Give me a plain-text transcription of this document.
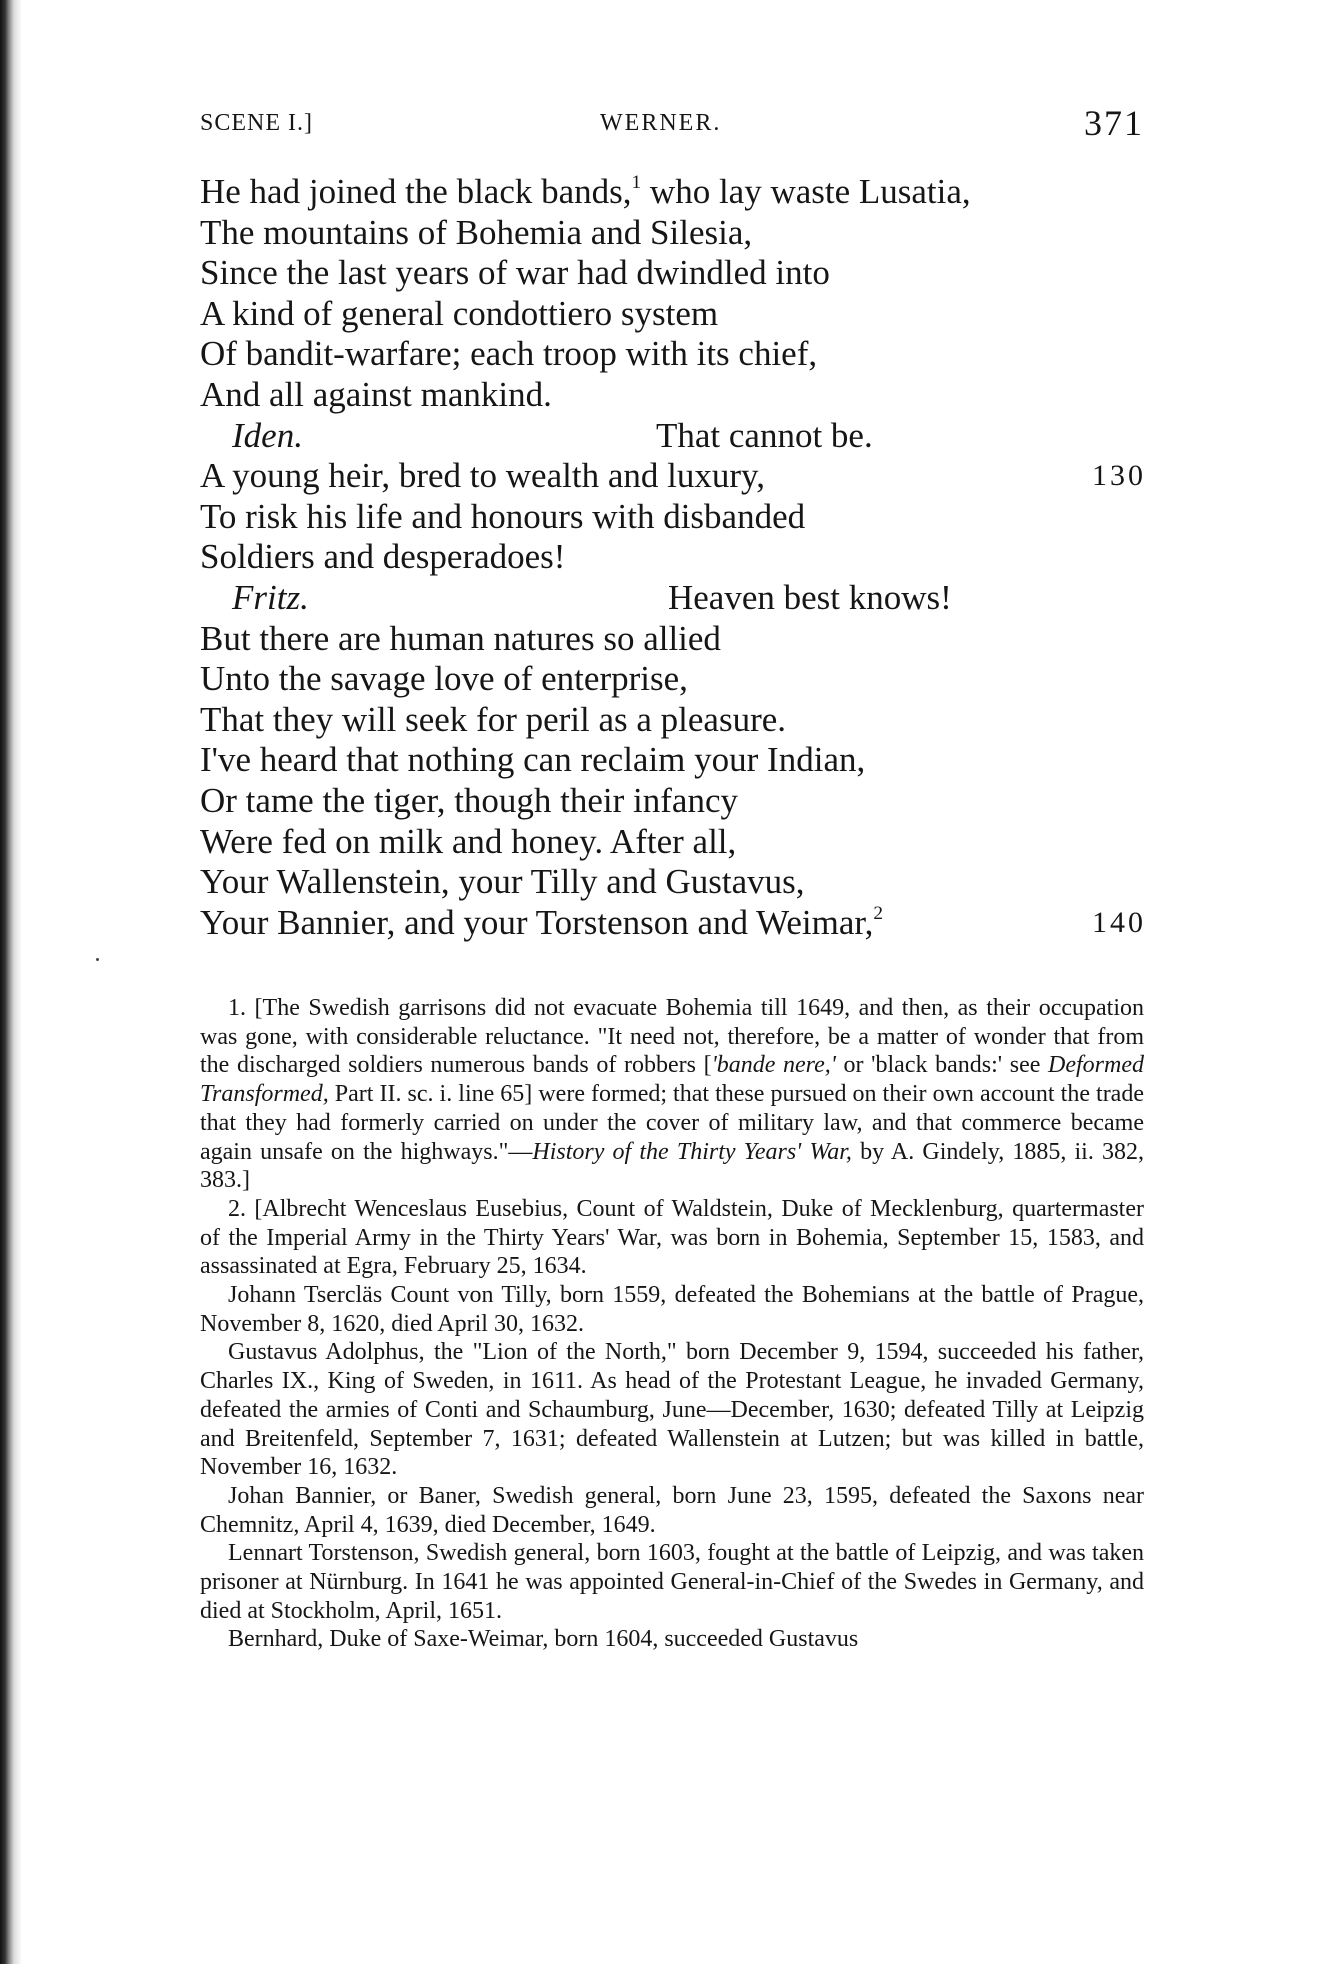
SCENE I.]	WERNER.	371
He had joined the black bands,$^1$ who lay waste Lusatia,
The mountains of Bohemia and Silesia,
Since the last years of war had dwindled into
A kind of general condottiero system
Of bandit-warfare; each troop with its chief,
And all against mankind.
Iden.	That cannot be.
A young heir, bred to wealth and luxury,	130
To risk his life and honours with disbanded
Soldiers and desperadoes!
Fritz.	Heaven best knows!
But there are human natures so allied
Unto the savage love of enterprise,
That they will seek for peril as a pleasure.
I've heard that nothing can reclaim your Indian,
Or tame the tiger, though their infancy
Were fed on milk and honey. After all,
Your Wallenstein, your Tilly and Gustavus,
Your Bannier, and your Torstenson and Weimar,$^2$	140

1. [The Swedish garrisons did not evacuate Bohemia till 1649, and then, as their occupation was gone, with considerable reluctance. "It need not, therefore, be a matter of wonder that from the discharged soldiers numerous bands of robbers ['bande nere,' or 'black bands:' see Deformed Transformed, Part II. sc. i. line 65] were formed; that these pursued on their own account the trade that they had formerly carried on under the cover of military law, and that commerce became again unsafe on the highways."—History of the Thirty Years' War, by A. Gindely, 1885, ii. 382, 383.]

2. [Albrecht Wenceslaus Eusebius, Count of Waldstein, Duke of Mecklenburg, quartermaster of the Imperial Army in the Thirty Years' War, was born in Bohemia, September 15, 1583, and assassinated at Egra, February 25, 1634.

Johann Tsercläs Count von Tilly, born 1559, defeated the Bohemians at the battle of Prague, November 8, 1620, died April 30, 1632.

Gustavus Adolphus, the "Lion of the North," born December 9, 1594, succeeded his father, Charles IX., King of Sweden, in 1611. As head of the Protestant League, he invaded Germany, defeated the armies of Conti and Schaumburg, June—December, 1630; defeated Tilly at Leipzig and Breitenfeld, September 7, 1631; defeated Wallenstein at Lutzen; but was killed in battle, November 16, 1632.

Johan Bannier, or Baner, Swedish general, born June 23, 1595, defeated the Saxons near Chemnitz, April 4, 1639, died December, 1649.

Lennart Torstenson, Swedish general, born 1603, fought at the battle of Leipzig, and was taken prisoner at Nürnburg. In 1641 he was appointed General-in-Chief of the Swedes in Germany, and died at Stockholm, April, 1651.

Bernhard, Duke of Saxe-Weimar, born 1604, succeeded Gustavus
